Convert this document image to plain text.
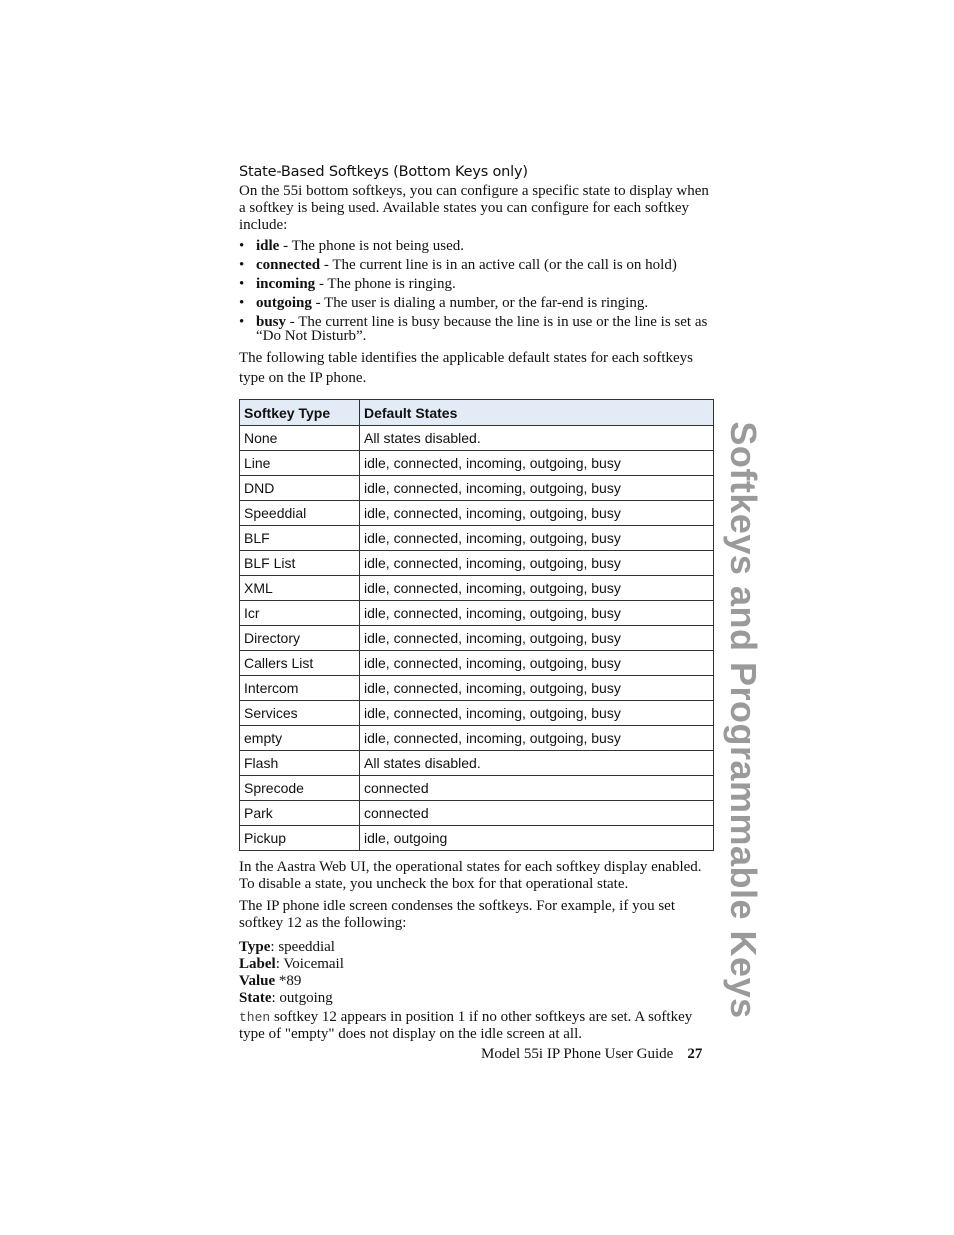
State-Based Softkeys (Bottom Keys only)

On the 55i bottom softkeys, you can configure a specific state to display when a softkey is being used. Available states you can configure for each softkey include:

• idle - The phone is not being used.
• connected - The current line is in an active call (or the call is on hold)
• incoming - The phone is ringing.
• outgoing - The user is dialing a number, or the far-end is ringing.
• busy - The current line is busy because the line is in use or the line is set as “Do Not Disturb”.

The following table identifies the applicable default states for each softkeys type on the IP phone.

Softkey Type	Default States
None	All states disabled.
Line	idle, connected, incoming, outgoing, busy
DND	idle, connected, incoming, outgoing, busy
Speeddial	idle, connected, incoming, outgoing, busy
BLF	idle, connected, incoming, outgoing, busy
BLF List	idle, connected, incoming, outgoing, busy
XML	idle, connected, incoming, outgoing, busy
Icr	idle, connected, incoming, outgoing, busy
Directory	idle, connected, incoming, outgoing, busy
Callers List	idle, connected, incoming, outgoing, busy
Intercom	idle, connected, incoming, outgoing, busy
Services	idle, connected, incoming, outgoing, busy
empty	idle, connected, incoming, outgoing, busy
Flash	All states disabled.
Sprecode	connected
Park	connected
Pickup	idle, outgoing

In the Aastra Web UI, the operational states for each softkey display enabled. To disable a state, you uncheck the box for that operational state.

The IP phone idle screen condenses the softkeys. For example, if you set softkey 12 as the following:

Type: speeddial
Label: Voicemail
Value *89
State: outgoing

then softkey 12 appears in position 1 if no other softkeys are set. A softkey type of "empty" does not display on the idle screen at all.

Model 55i IP Phone User Guide 27
Softkeys and Programmable Keys
